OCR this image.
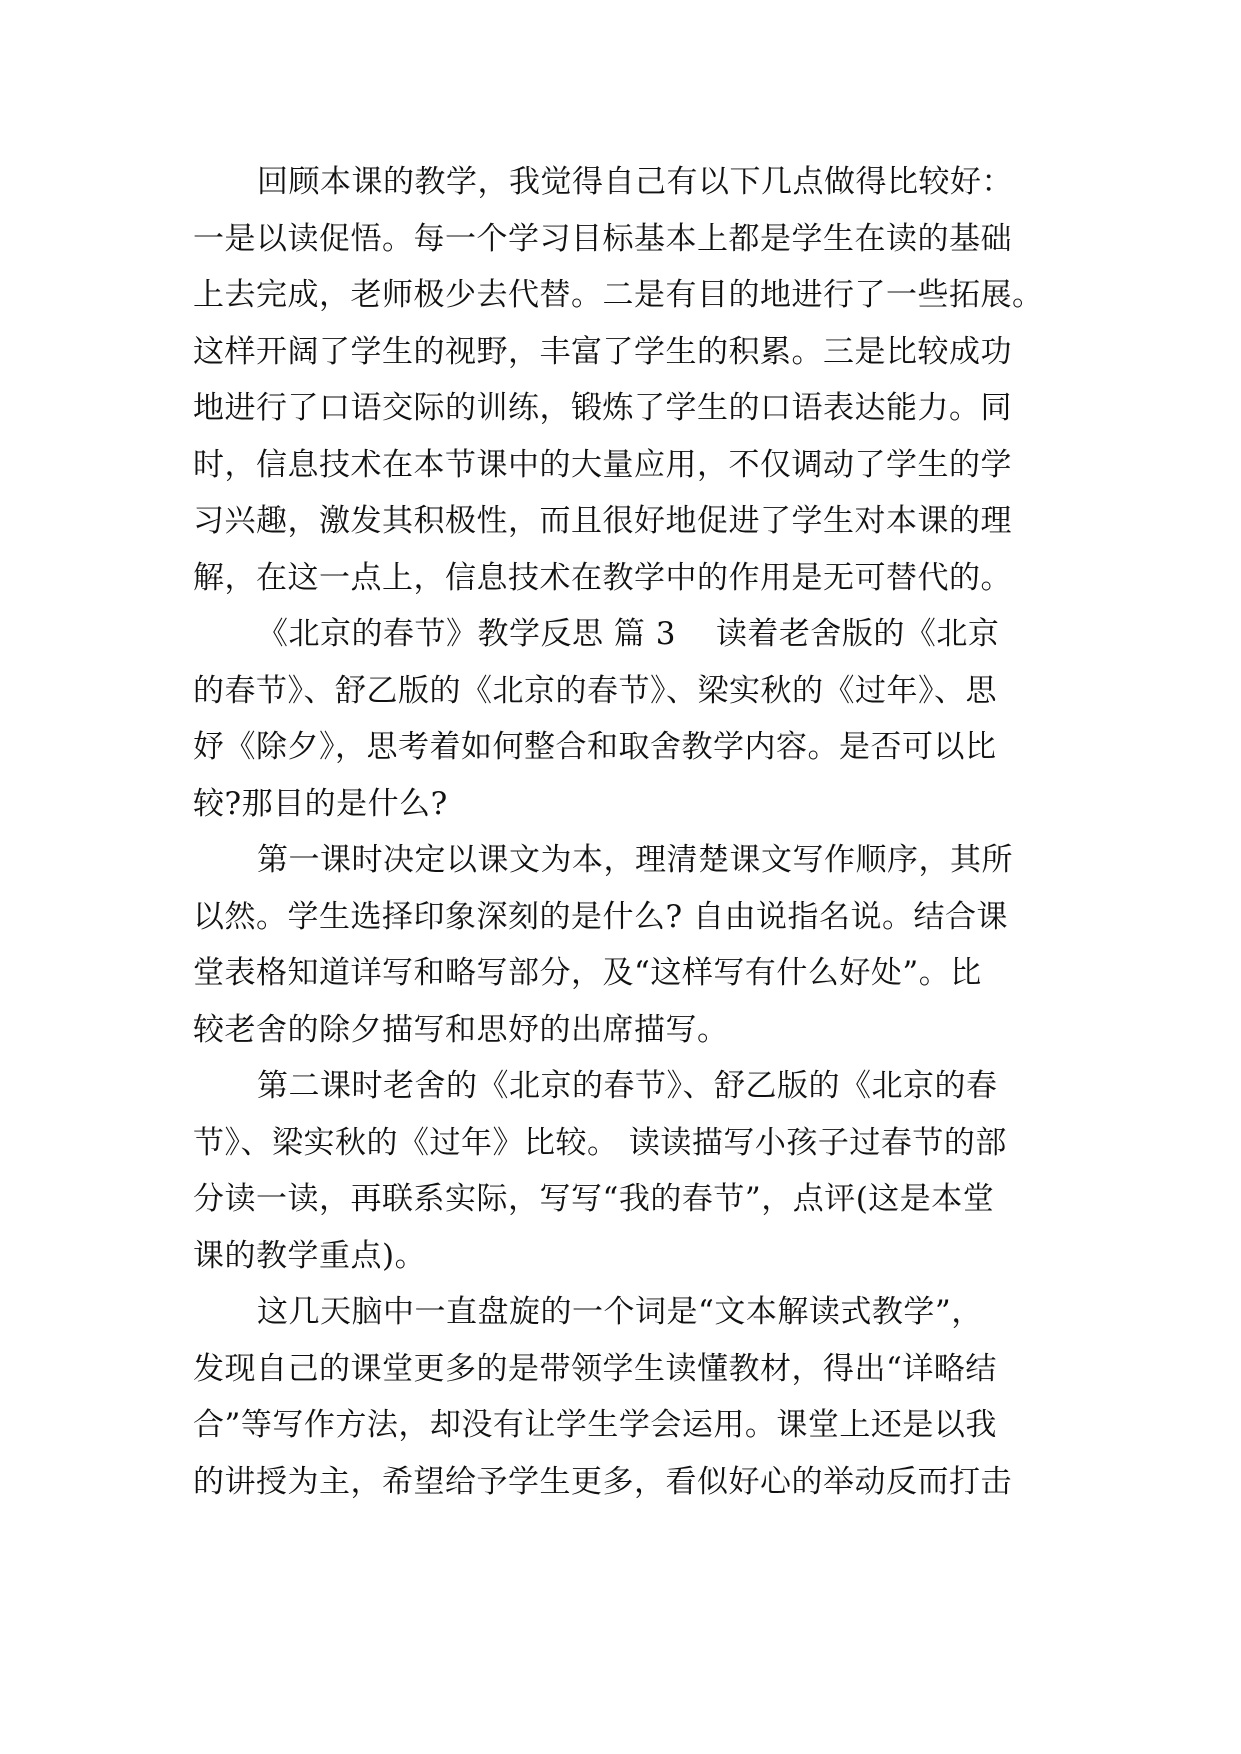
回顾本课的教学，我觉得自己有以下几点做得比较好：
一是以读促悟。每一个学习目标基本上都是学生在读的基础
上去完成，老师极少去代替。二是有目的地进行了一些拓展。
这样开阔了学生的视野，丰富了学生的积累。三是比较成功
地进行了口语交际的训练，锻炼了学生的口语表达能力。同
时，信息技术在本节课中的大量应用，不仅调动了学生的学
习兴趣，激发其积极性，而且很好地促进了学生对本课的理
解，在这一点上，信息技术在教学中的作用是无可替代的。
《北京的春节》教学反思 篇 3 读着老舍版的《北京
的春节》、舒乙版的《北京的春节》、梁实秋的《过年》、思
妤《除夕》，思考着如何整合和取舍教学内容。是否可以比
较?那目的是什么?
第一课时决定以课文为本，理清楚课文写作顺序，其所
以然。学生选择印象深刻的是什么? 自由说指名说。结合课
堂表格知道详写和略写部分，及“这样写有什么好处”。比
较老舍的除夕描写和思妤的出席描写。
第二课时老舍的《北京的春节》、舒乙版的《北京的春
节》、梁实秋的《过年》比较。 读读描写小孩子过春节的部
分读一读，再联系实际，写写“我的春节”，点评(这是本堂
课的教学重点)。
这几天脑中一直盘旋的一个词是“文本解读式教学”，
发现自己的课堂更多的是带领学生读懂教材，得出“详略结
合”等写作方法，却没有让学生学会运用。课堂上还是以我
的讲授为主，希望给予学生更多，看似好心的举动反而打击
